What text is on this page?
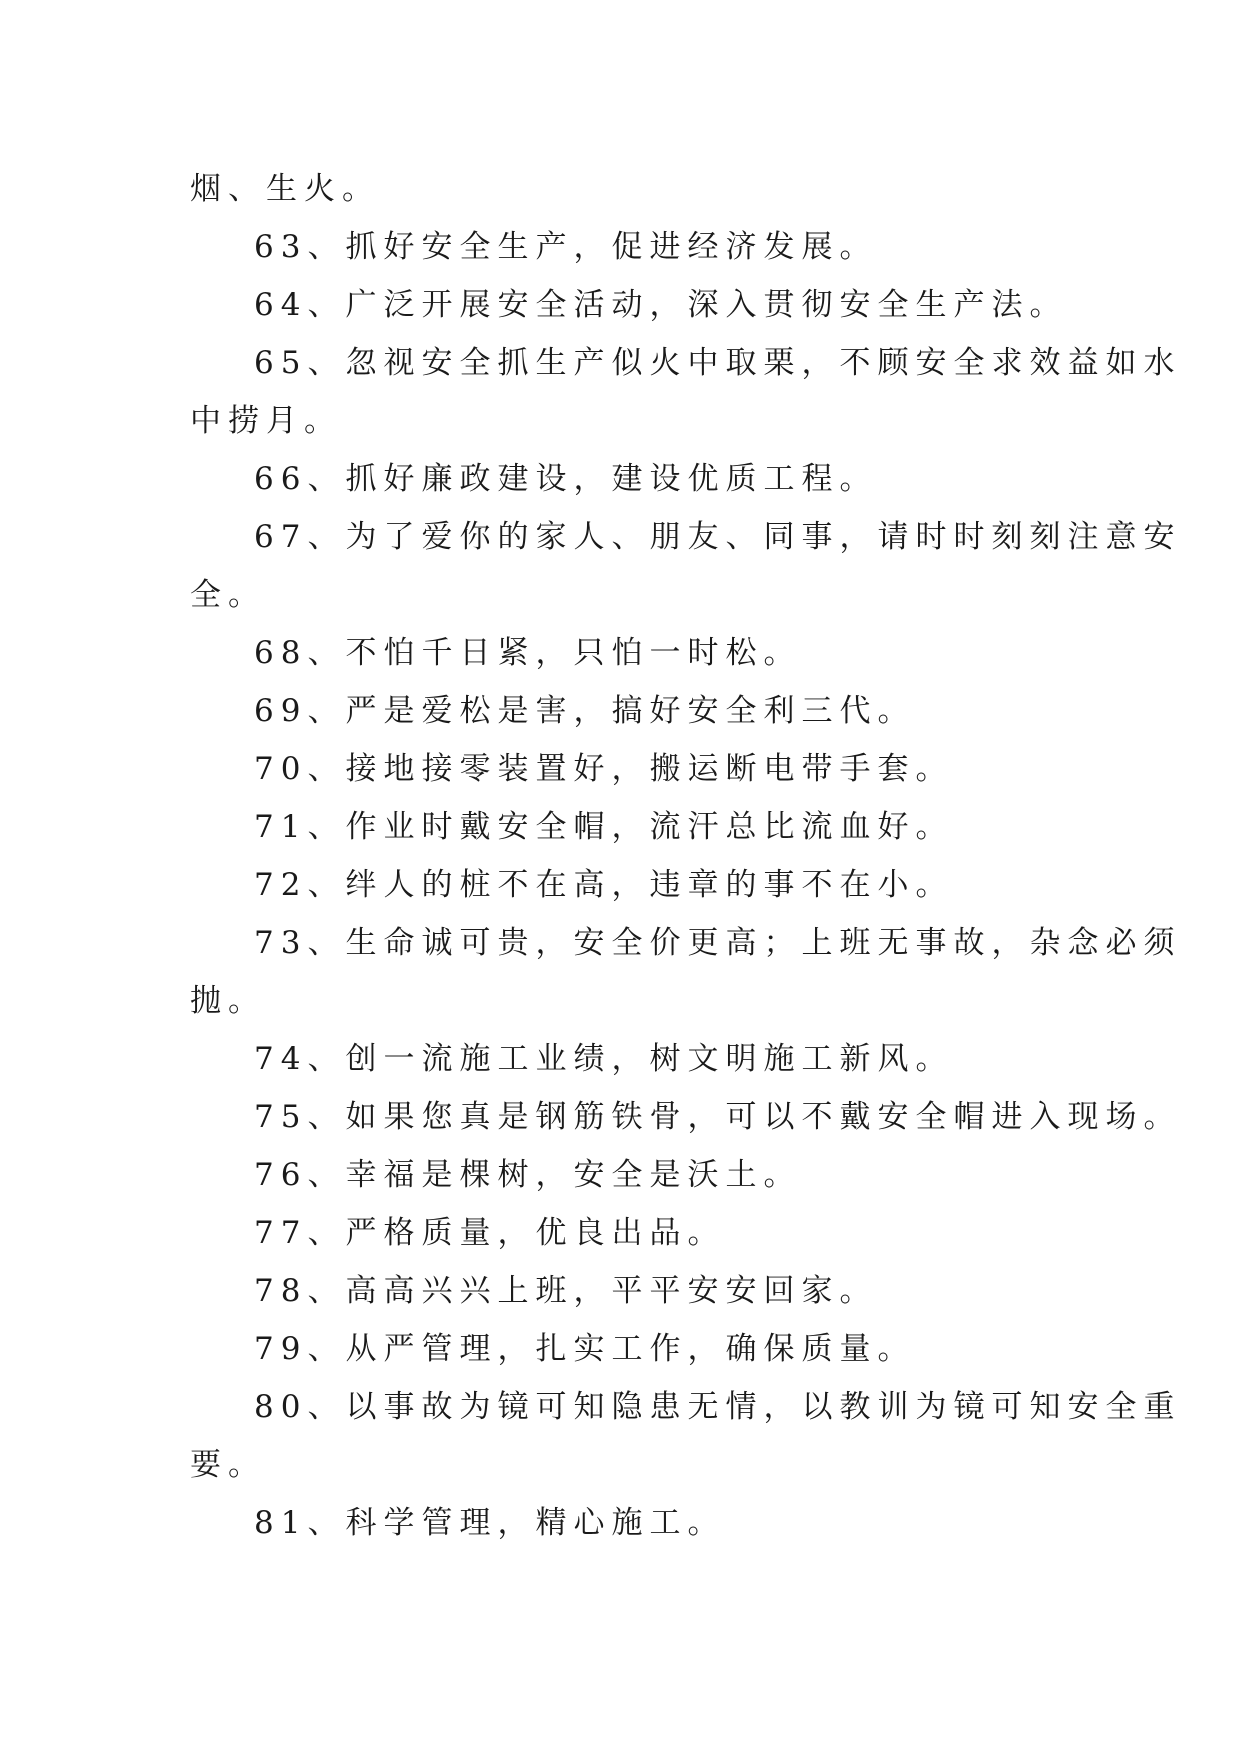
烟、生火。
63、抓好安全生产，促进经济发展。
64、广泛开展安全活动，深入贯彻安全生产法。
65、忽视安全抓生产似火中取栗，不顾安全求效益如水
中捞月。
66、抓好廉政建设，建设优质工程。
67、为了爱你的家人、朋友、同事，请时时刻刻注意安
全。
68、不怕千日紧，只怕一时松。
69、严是爱松是害，搞好安全利三代。
70、接地接零装置好，搬运断电带手套。
71、作业时戴安全帽，流汗总比流血好。
72、绊人的桩不在高，违章的事不在小。
73、生命诚可贵，安全价更高；上班无事故，杂念必须
抛。
74、创一流施工业绩，树文明施工新风。
75、如果您真是钢筋铁骨，可以不戴安全帽进入现场。
76、幸福是棵树，安全是沃土。
77、严格质量，优良出品。
78、高高兴兴上班，平平安安回家。
79、从严管理，扎实工作，确保质量。
80、以事故为镜可知隐患无情，以教训为镜可知安全重
要。
81、科学管理，精心施工。
